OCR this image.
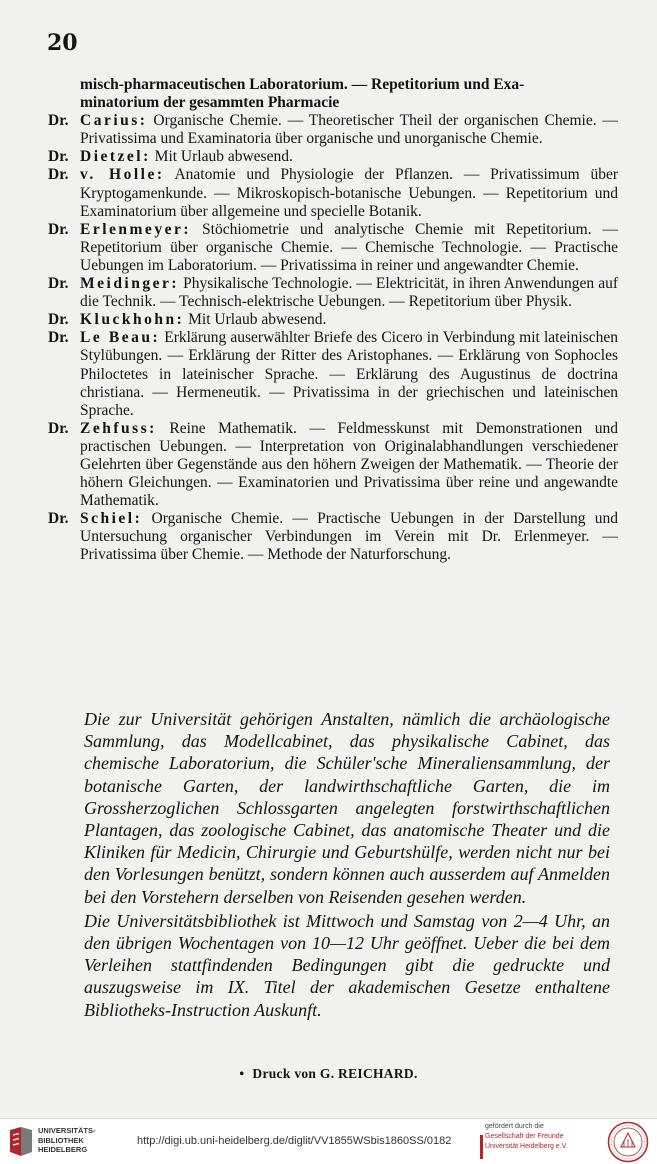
20
misch-pharmaceutischen Laboratorium. — Repetitorium und Exa-
minatorium der gesammten Pharmacie
Dr. Carius: Organische Chemie. — Theoretischer Theil der organischen Chemie. — Privatissima und Examinatoria über organische und unorganische Chemie.
Dr. Dietzel: Mit Urlaub abwesend.
Dr. v. Holle: Anatomie und Physiologie der Pflanzen. — Privatissimum über Kryptogamenkunde. — Mikroskopisch-botanische Uebungen. — Repetitorium und Examinatorium über allgemeine und specielle Botanik.
Dr. Erlenmeyer: Stöchiometrie und analytische Chemie mit Repetitorium. — Repetitorium über organische Chemie. — Chemische Technologie. — Practische Uebungen im Laboratorium. — Privatissima in reiner und angewandter Chemie.
Dr. Meidinger: Physikalische Technologie. — Elektricität, in ihren Anwendungen auf die Technik. — Technisch-elektrische Uebungen. — Repetitorium über Physik.
Dr. Kluckhohn: Mit Urlaub abwesend.
Dr. Le Beau: Erklärung auserwählter Briefe des Cicero in Verbindung mit lateinischen Stylübungen. — Erklärung der Ritter des Aristophanes. — Erklärung von Sophocles Philoctetes in lateinischer Sprache. — Erklärung des Augustinus de doctrina christiana. — Hermeneutik. — Privatissima in der griechischen und lateinischen Sprache.
Dr. Zehfuss: Reine Mathematik. — Feldmesskunst mit Demonstrationen und practischen Uebungen. — Interpretation von Originalabhandlungen verschiedener Gelehrten über Gegenstände aus den höhern Zweigen der Mathematik. — Theorie der höhern Gleichungen. — Examinatorien und Privatissima über reine und angewandte Mathematik.
Dr. Schiel: Organische Chemie. — Practische Uebungen in der Darstellung und Untersuchung organischer Verbindungen im Verein mit Dr. Erlenmeyer. — Privatissima über Chemie. — Methode der Naturforschung.

Die zur Universität gehörigen Anstalten, nämlich die archäologische Sammlung, das Modellcabinet, das physikalische Cabinet, das chemische Laboratorium, die Schüler'sche Mineraliensammlung, der botanische Garten, der landwirthschaftliche Garten, die im Grossherzoglichen Schlossgarten angelegten forstwirthschaftlichen Plantagen, das zoologische Cabinet, das anatomische Theater und die Kliniken für Medicin, Chirurgie und Geburtshülfe, werden nicht nur bei den Vorlesungen benützt, sondern können auch ausserdem auf Anmelden bei den Vorstehern derselben von Reisenden gesehen werden.

Die Universitätsbibliothek ist Mittwoch und Samstag von 2—4 Uhr, an den übrigen Wochentagen von 10—12 Uhr geöffnet. Ueber die bei dem Verleihen stattfindenden Bedingungen gibt die gedruckte und auszugsweise im IX. Titel der akademischen Gesetze enthaltene Bibliotheks-Instruction Auskunft.

• Druck von G. REICHARD.
UNIVERSITÄTS-
BIBLIOTHEK
HEIDELBERG
http://digi.ub.uni-heidelberg.de/diglit/VV1855WSbis1860SS/0182
gefördert durch die
Gesellschaft der Freunde
Universität Heidelberg e.V.
